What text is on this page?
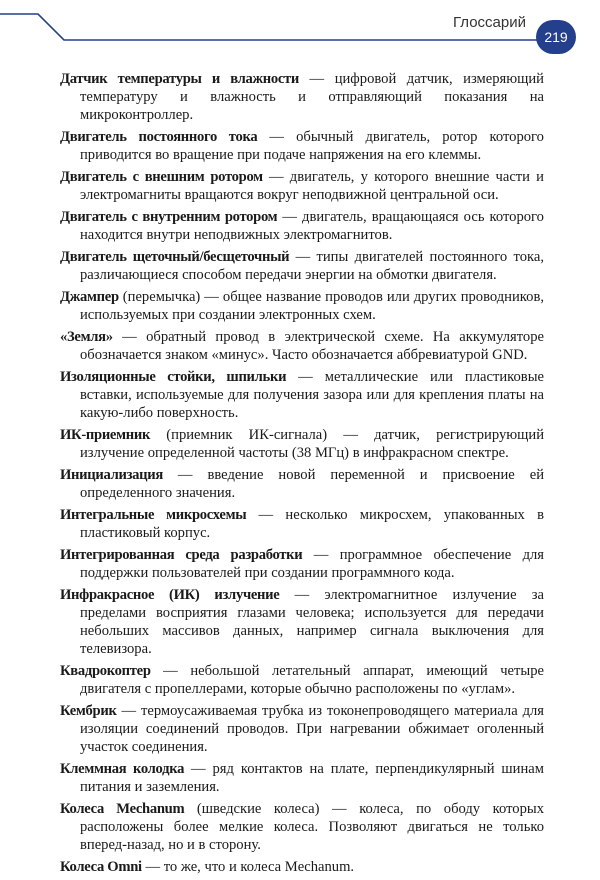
Глоссарий
219

Датчик температуры и влажности — цифровой датчик, измеряющий температуру и влажность и отправляющий показания на микроконтроллер.

Двигатель постоянного тока — обычный двигатель, ротор которого приводится во вращение при подаче напряжения на его клеммы.

Двигатель с внешним ротором — двигатель, у которого внешние части и электромагниты вращаются вокруг неподвижной центральной оси.

Двигатель с внутренним ротором — двигатель, вращающаяся ось которого находится внутри неподвижных электромагнитов.

Двигатель щеточный/бесщеточный — типы двигателей постоянного тока, различающиеся способом передачи энергии на обмотки двигателя.

Джампер (перемычка) — общее название проводов или других проводников, используемых при создании электронных схем.

«Земля» — обратный провод в электрической схеме. На аккумуляторе обозначается знаком «минус». Часто обозначается аббревиатурой GND.

Изоляционные стойки, шпильки — металлические или пластиковые вставки, используемые для получения зазора или для крепления платы на какую-либо поверхность.

ИК-приемник (приемник ИК-сигнала) — датчик, регистрирующий излучение определенной частоты (38 МГц) в инфракрасном спектре.

Инициализация — введение новой переменной и присвоение ей определенного значения.

Интегральные микросхемы — несколько микросхем, упакованных в пластиковый корпус.

Интегрированная среда разработки — программное обеспечение для поддержки пользователей при создании программного кода.

Инфракрасное (ИК) излучение — электромагнитное излучение за пределами восприятия глазами человека; используется для передачи небольших массивов данных, например сигнала выключения для телевизора.

Квадрокоптер — небольшой летательный аппарат, имеющий четыре двигателя с пропеллерами, которые обычно расположены по «углам».

Кембрик — термоусаживаемая трубка из токонепроводящего материала для изоляции соединений проводов. При нагревании обжимает оголенный участок соединения.

Клеммная колодка — ряд контактов на плате, перпендикулярный шинам питания и заземления.

Колеса Mechanum (шведские колеса) — колеса, по ободу которых расположены более мелкие колеса. Позволяют двигаться не только вперед-назад, но и в сторону.

Колеса Omni — то же, что и колеса Mechanum.
